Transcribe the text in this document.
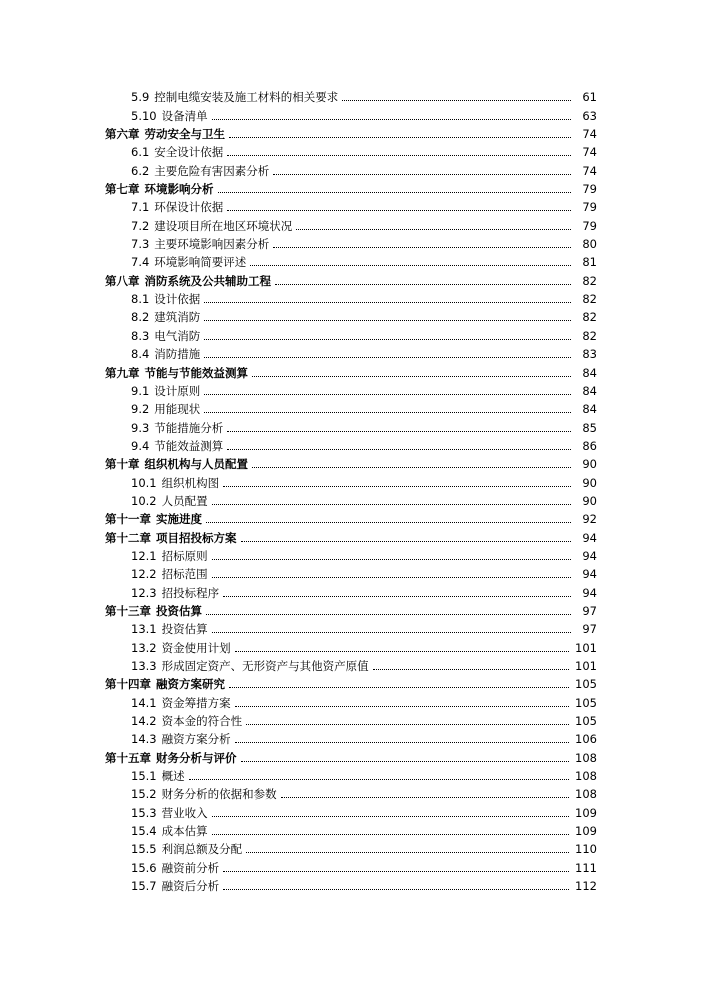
5.9 控制电缆安装及施工材料的相关要求	61
5.10 设备清单	63
第六章 劳动安全与卫生	74
6.1 安全设计依据	74
6.2 主要危险有害因素分析	74
第七章 环境影响分析	79
7.1 环保设计依据	79
7.2 建设项目所在地区环境状况	79
7.3 主要环境影响因素分析	80
7.4 环境影响简要评述	81
第八章 消防系统及公共辅助工程	82
8.1 设计依据	82
8.2 建筑消防	82
8.3 电气消防	82
8.4 消防措施	83
第九章 节能与节能效益测算	84
9.1 设计原则	84
9.2 用能现状	84
9.3 节能措施分析	85
9.4 节能效益测算	86
第十章 组织机构与人员配置	90
10.1 组织机构图	90
10.2 人员配置	90
第十一章 实施进度	92
第十二章 项目招投标方案	94
12.1 招标原则	94
12.2 招标范围	94
12.3 招投标程序	94
第十三章 投资估算	97
13.1 投资估算	97
13.2 资金使用计划	101
13.3 形成固定资产、无形资产与其他资产原值	101
第十四章 融资方案研究	105
14.1 资金筹措方案	105
14.2 资本金的符合性	105
14.3 融资方案分析	106
第十五章 财务分析与评价	108
15.1 概述	108
15.2 财务分析的依据和参数	108
15.3 营业收入	109
15.4 成本估算	109
15.5 利润总额及分配	110
15.6 融资前分析	111
15.7 融资后分析	112
